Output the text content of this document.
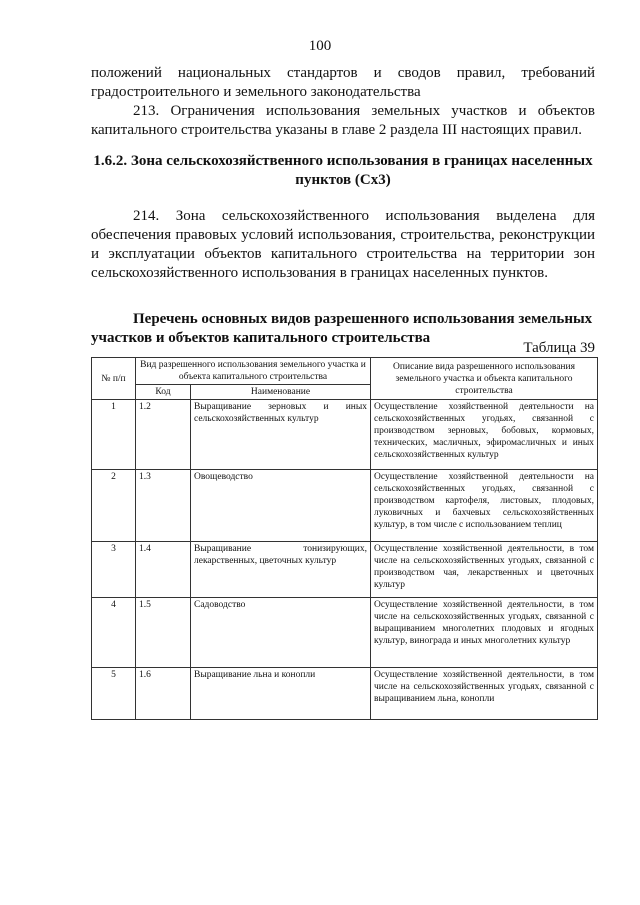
100

положений национальных стандартов и сводов правил, требований градостроительного и земельного законодательства

213. Ограничения использования земельных участков и объектов капитального строительства указаны в главе 2 раздела III настоящих правил.

1.6.2. Зона сельскохозяйственного использования в границах населенных пунктов (Сх3)

214. Зона сельскохозяйственного использования выделена для обеспечения правовых условий использования, строительства, реконструкции и эксплуатации объектов капитального строительства на территории зон сельскохозяйственного использования в границах населенных пунктов.

Перечень основных видов разрешенного использования земельных участков и объектов капитального строительства

Таблица 39
№ п/п	Вид разрешенного использования земельного участка и объекта капитального строительства		Описание вида разрешенного использования земельного участка и объекта капитального строительства
	Код	Наименование	
1	1.2	Выращивание зерновых и иных сельскохозяйственных культур	Осуществление хозяйственной деятельности на сельскохозяйственных угодьях, связанной с производством зерновых, бобовых, кормовых, технических, масличных, эфиромасличных и иных сельскохозяйственных культур
2	1.3	Овощеводство	Осуществление хозяйственной деятельности на сельскохозяйственных угодьях, связанной с производством картофеля, листовых, плодовых, луковичных и бахчевых сельскохозяйственных культур, в том числе с использованием теплиц
3	1.4	Выращивание тонизирующих, лекарственных, цветочных культур	Осуществление хозяйственной деятельности, в том числе на сельскохозяйственных угодьях, связанной с производством чая, лекарственных и цветочных культур
4	1.5	Садоводство	Осуществление хозяйственной деятельности, в том числе на сельскохозяйственных угодьях, связанной с выращиванием многолетних плодовых и ягодных культур, винограда и иных многолетних культур
5	1.6	Выращивание льна и конопли	Осуществление хозяйственной деятельности, в том числе на сельскохозяйственных угодьях, связанной с выращиванием льна, конопли
